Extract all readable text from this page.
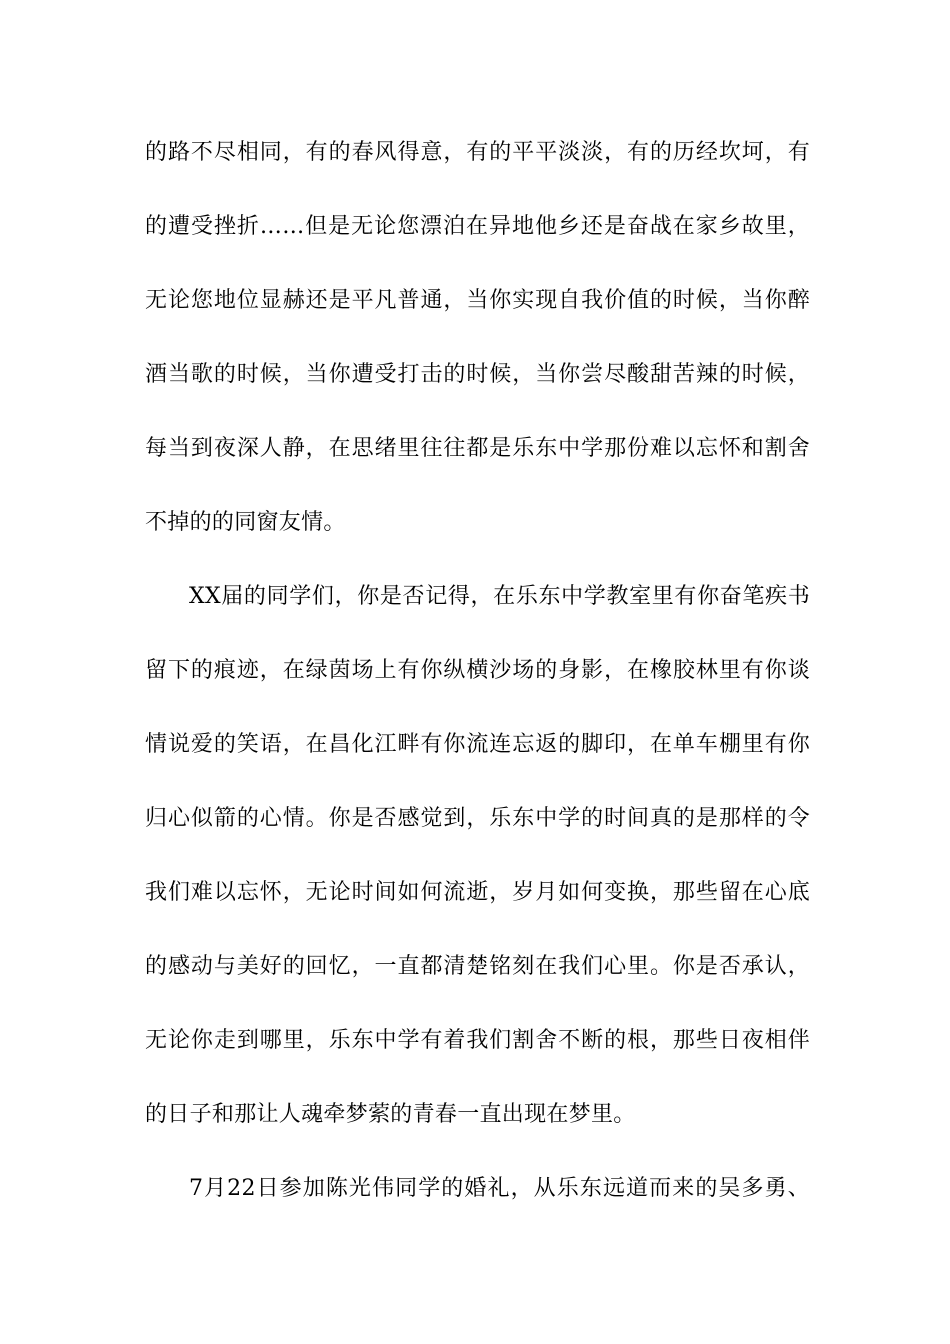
的路不尽相同，有的春风得意，有的平平淡淡，有的历经坎坷，有
的遭受挫折……但是无论您漂泊在异地他乡还是奋战在家乡故里，
无论您地位显赫还是平凡普通，当你实现自我价值的时候，当你醉
酒当歌的时候，当你遭受打击的时候，当你尝尽酸甜苦辣的时候，
每当到夜深人静，在思绪里往往都是乐东中学那份难以忘怀和割舍
不掉的的同窗友情。
XX届的同学们，你是否记得，在乐东中学教室里有你奋笔疾书
留下的痕迹，在绿茵场上有你纵横沙场的身影，在橡胶林里有你谈
情说爱的笑语，在昌化江畔有你流连忘返的脚印，在单车棚里有你
归心似箭的心情。你是否感觉到，乐东中学的时间真的是那样的令
我们难以忘怀，无论时间如何流逝，岁月如何变换，那些留在心底
的感动与美好的回忆，一直都清楚铭刻在我们心里。你是否承认，
无论你走到哪里，乐东中学有着我们割舍不断的根，那些日夜相伴
的日子和那让人魂牵梦萦的青春一直出现在梦里。
7月22日参加陈光伟同学的婚礼，从乐东远道而来的吴多勇、
